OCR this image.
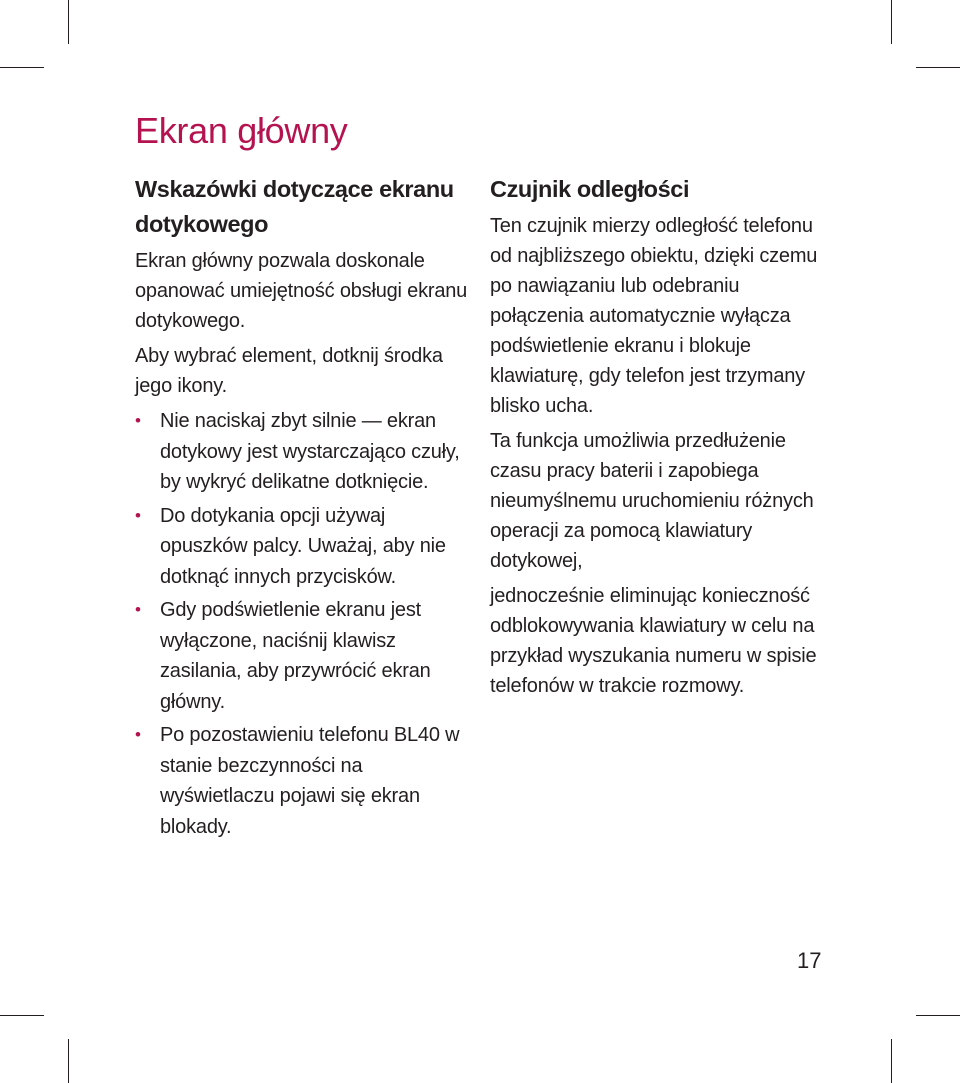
Ekran główny
Wskazówki dotyczące ekranu dotykowego

Ekran główny pozwala doskonale opanować umiejętność obsługi ekranu dotykowego.

Aby wybrać element, dotknij środka jego ikony.

• Nie naciskaj zbyt silnie — ekran dotykowy jest wystarczająco czuły, by wykryć delikatne dotknięcie.
• Do dotykania opcji używaj opuszków palcy. Uważaj, aby nie dotknąć innych przycisków.
• Gdy podświetlenie ekranu jest wyłączone, naciśnij klawisz zasilania, aby przywrócić ekran główny.
• Po pozostawieniu telefonu BL40 w stanie bezczynności na wyświetlaczu pojawi się ekran blokady.
Czujnik odległości

Ten czujnik mierzy odległość telefonu od najbliższego obiektu, dzięki czemu po nawiązaniu lub odebraniu połączenia automatycznie wyłącza podświetlenie ekranu i blokuje klawiaturę, gdy telefon jest trzymany blisko ucha.

Ta funkcja umożliwia przedłużenie czasu pracy baterii i zapobiega nieumyślnemu uruchomieniu różnych operacji za pomocą klawiatury dotykowej,

jednocześnie eliminując konieczność odblokowywania klawiatury w celu na przykład wyszukania numeru w spisie telefonów w trakcie rozmowy.

17
